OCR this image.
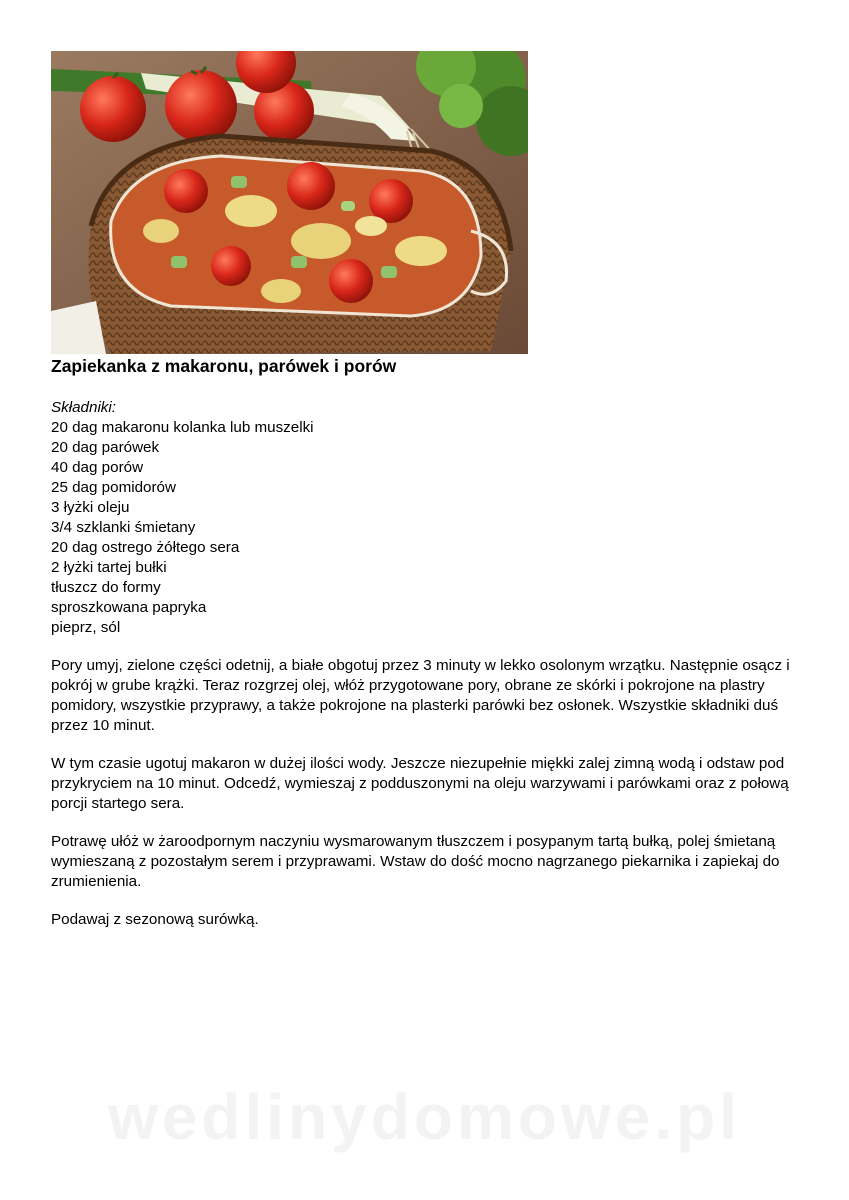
Zapiekanka z makaronu, parówek i porów
Składniki:
20 dag makaronu kolanka lub muszelki
20 dag parówek
40 dag porów
25 dag pomidorów
3 łyżki oleju
3/4 szklanki śmietany
20 dag ostrego żółtego sera
2 łyżki tartej bułki
tłuszcz do formy
sproszkowana papryka
pieprz, sól

Pory umyj, zielone części odetnij, a białe obgotuj przez 3 minuty w lekko osolonym wrzątku. Następnie osącz i pokrój w grube krążki. Teraz rozgrzej olej, włóż przygotowane pory, obrane ze skórki i pokrojone na plastry pomidory, wszystkie przyprawy, a także pokrojone na plasterki parówki bez osłonek. Wszystkie składniki duś przez 10 minut.

W tym czasie ugotuj makaron w dużej ilości wody. Jeszcze niezupełnie miękki zalej zimną wodą i odstaw pod przykryciem na 10 minut. Odcedź, wymieszaj z podduszonymi na oleju warzywami i parówkami oraz z połową porcji startego sera.

Potrawę ułóż w żaroodpornym naczyniu wysmarowanym tłuszczem i posypanym tartą bułką, polej śmietaną wymieszaną z pozostałym serem i przyprawami. Wstaw do dość mocno nagrzanego piekarnika i zapiekaj do zrumienienia.

Podawaj z sezonową surówką.

wedlinydomowe.pl
